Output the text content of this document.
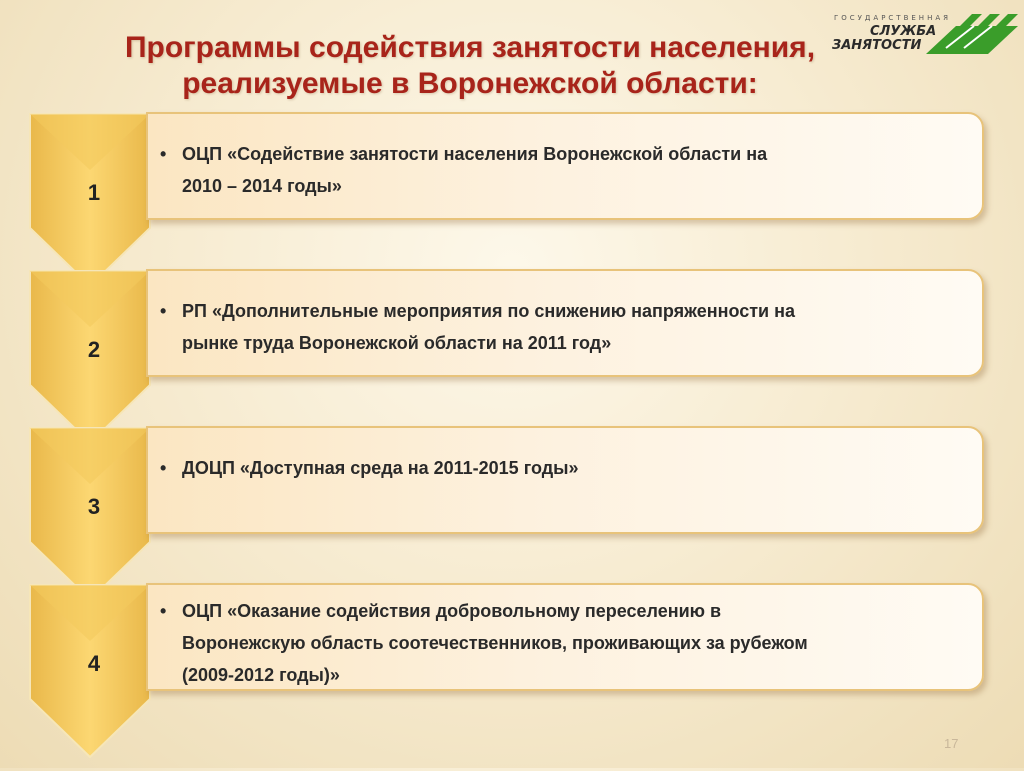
Программы содействия занятости населения,
реализуемые в Воронежской области:
ГОСУДАРСТВЕННАЯ
СЛУЖБА
ЗАНЯТОСТИ
1
• ОЦП «Содействие занятости населения Воронежской области на
2010 – 2014 годы»
2
• РП «Дополнительные мероприятия по снижению напряженности на
рынке труда Воронежской области на 2011 год»
3
• ДОЦП «Доступная среда на 2011-2015 годы»
4
• ОЦП «Оказание содействия добровольному переселению в
Воронежскую область соотечественников, проживающих за рубежом
(2009-2012 годы)»
17
